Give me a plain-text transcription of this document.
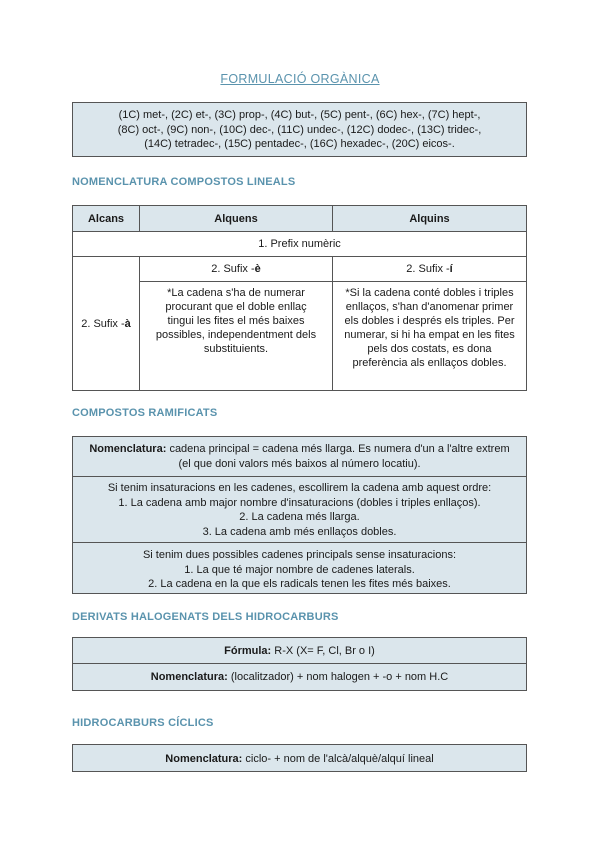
FORMULACIÓ ORGÀNICA
(1C) met-, (2C) et-, (3C) prop-, (4C) but-, (5C) pent-, (6C) hex-, (7C) hept-,
(8C) oct-, (9C) non-, (10C) dec-, (11C) undec-, (12C) dodec-, (13C) tridec-,
(14C) tetradec-, (15C) pentadec-, (16C) hexadec-, (20C) eicos-.
NOMENCLATURA COMPOSTOS LINEALS
Alcans	Alquens	Alquins
1. Prefix numèric		
2. Sufix -à	2. Sufix -è	2. Sufix -í
	*La cadena s'ha de numerar procurant que el doble enllaç tingui les fites el més baixes possibles, independentment dels substituients.	*Si la cadena conté dobles i triples enllaços, s'han d'anomenar primer els dobles i després els triples. Per numerar, si hi ha empat en les fites pels dos costats, es dona preferència als enllaços dobles.
COMPOSTOS RAMIFICATS
Nomenclatura: cadena principal = cadena més llarga. Es numera d'un a l'altre extrem (el que doni valors més baixos al número locatiu).
Si tenim insaturacions en les cadenes, escollirem la cadena amb aquest ordre:
1. La cadena amb major nombre d'insaturacions (dobles i triples enllaços).
2. La cadena més llarga.
3. La cadena amb més enllaços dobles.
Si tenim dues possibles cadenes principals sense insaturacions:
1. La que té major nombre de cadenes laterals.
2. La cadena en la que els radicals tenen les fites més baixes.
DERIVATS HALOGENATS DELS HIDROCARBURS
Fórmula: R-X (X= F, Cl, Br o I)
Nomenclatura: (localitzador) + nom halogen + -o + nom H.C
HIDROCARBURS CÍCLICS
Nomenclatura: ciclo- + nom de l'alcà/alquè/alquí lineal
